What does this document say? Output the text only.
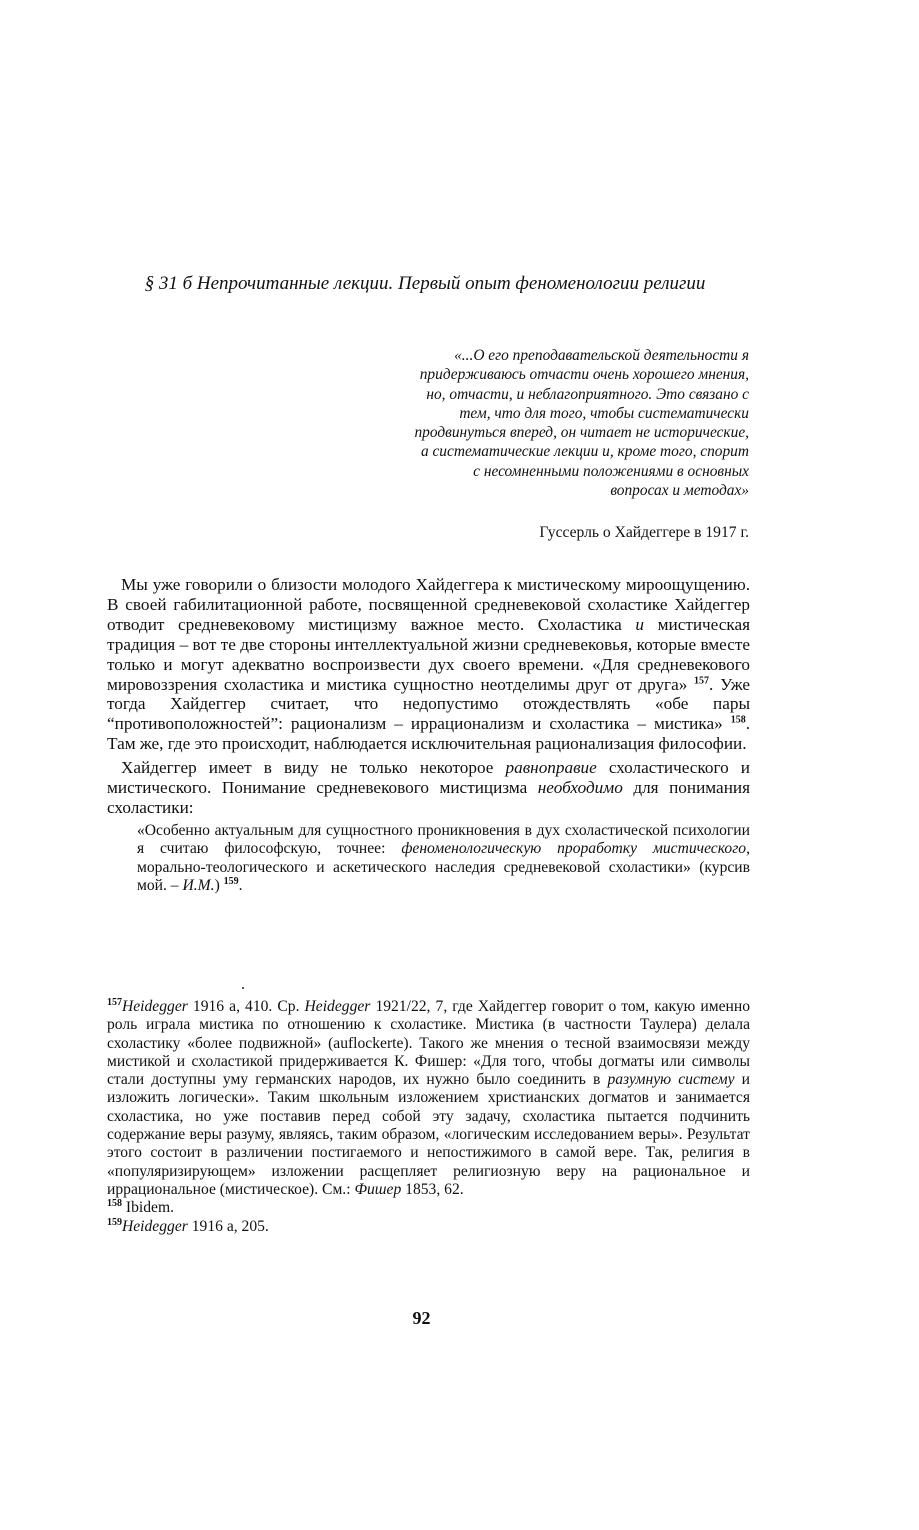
§ 31 б Непрочитанные лекции. Первый опыт феноменологии религии

«...О его преподавательской деятельности я придерживаюсь отчасти очень хорошего мнения, но, отчасти, и неблагоприятного. Это связано с тем, что для того, чтобы систематически продвинуться вперед, он читает не исторические, а систематические лекции и, кроме того, спорит с несомненными положениями в основных вопросах и методах»

Гуссерль о Хайдеггере в 1917 г.

Мы уже говорили о близости молодого Хайдеггера к мистическому мироощущению. В своей габилитационной работе, посвященной средневековой схоластике Хайдеггер отводит средневековому мистицизму важное место. Схоластика и мистическая традиция – вот те две стороны интеллектуальной жизни средневековья, которые вместе только и могут адекватно воспроизвести дух своего времени. «Для средневекового мировоззрения схоластика и мистика сущностно неотделимы друг от друга» $^{157}$. Уже тогда Хайдеггер считает, что недопустимо отождествлять «обе пары “противоположностей”: рационализм – иррационализм и схоластика – мистика» $^{158}$. Там же, где это происходит, наблюдается исключительная рационализация философии.

Хайдеггер имеет в виду не только некоторое равноправие схоластического и мистического. Понимание средневекового мистицизма необходимо для понимания схоластики:

«Особенно актуальным для сущностного проникновения в дух схоластической психологии я считаю философскую, точнее: феноменологическую проработку мистического, морально-теологического и аскетического наследия средневековой схоластики» (курсив мой. – И.М.) $^{159}$.

$^{157}$Heidegger 1916 a, 410. Ср. Heidegger 1921/22, 7, где Хайдеггер говорит о том, какую именно роль играла мистика по отношению к схоластике. Мистика (в частности Таулера) делала схоластику «более подвижной» (auflockerte). Такого же мнения о тесной взаимосвязи между мистикой и схоластикой придерживается К. Фишер: «Для того, чтобы догматы или символы стали доступны уму германских народов, их нужно было соединить в разумную систему и изложить логически». Таким школьным изложением христианских догматов и занимается схоластика, но уже поставив перед собой эту задачу, схоластика пытается подчинить содержание веры разуму, являясь, таким образом, «логическим исследованием веры». Результат этого состоит в различении постигаемого и непостижимого в самой вере. Так, религия в «популяризирующем» изложении расщепляет религиозную веру на рациональное и иррациональное (мистическое). См.: Фишер 1853, 62.

$^{158}$ Ibidem.

$^{159}$Heidegger 1916 a, 205.

92
